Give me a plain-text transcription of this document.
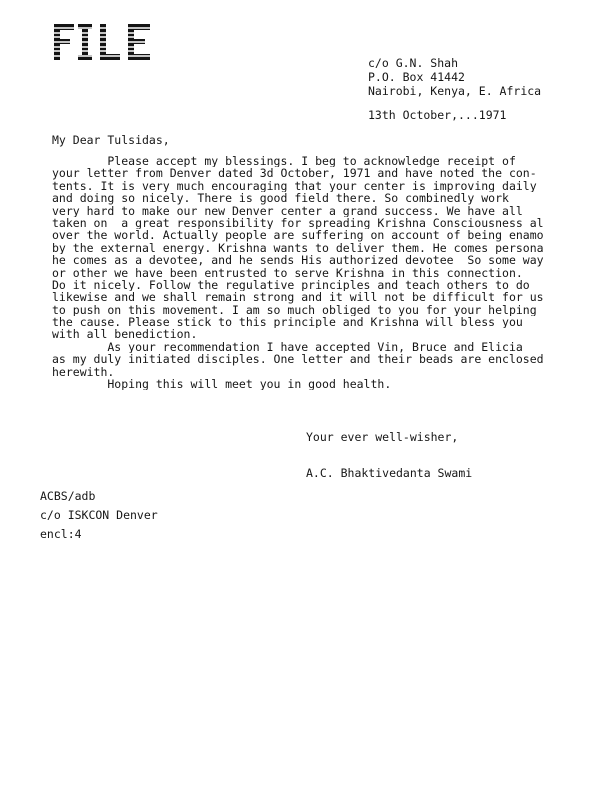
c/o G.N. Shah
P.O. Box 41442
Nairobi, Kenya, E. Africa
13th October,...1971
My Dear Tulsidas,
Please accept my blessings. I beg to acknowledge receipt of
your letter from Denver dated 3d October, 1971 and have noted the con-
tents. It is very much encouraging that your center is improving daily
and doing so nicely. There is good field there. So combinedly work
very hard to make our new Denver center a grand success. We have all
taken on  a great responsibility for spreading Krishna Consciousness al
over the world. Actually people are suffering on account of being enamo
by the external energy. Krishna wants to deliver them. He comes persona
he comes as a devotee, and he sends His authorized devotee  So some way
or other we have been entrusted to serve Krishna in this connection.
Do it nicely. Follow the regulative principles and teach others to do
likewise and we shall remain strong and it will not be difficult for us
to push on this movement. I am so much obliged to you for your helping
the cause. Please stick to this principle and Krishna will bless you
with all benediction.
As your recommendation I have accepted Vin, Bruce and Elicia
as my duly initiated disciples. One letter and their beads are enclosed
herewith.
Hoping this will meet you in good health.
Your ever well-wisher,
A.C. Bhaktivedanta Swami
ACBS/adb
c/o ISKCON Denver
encl:4
